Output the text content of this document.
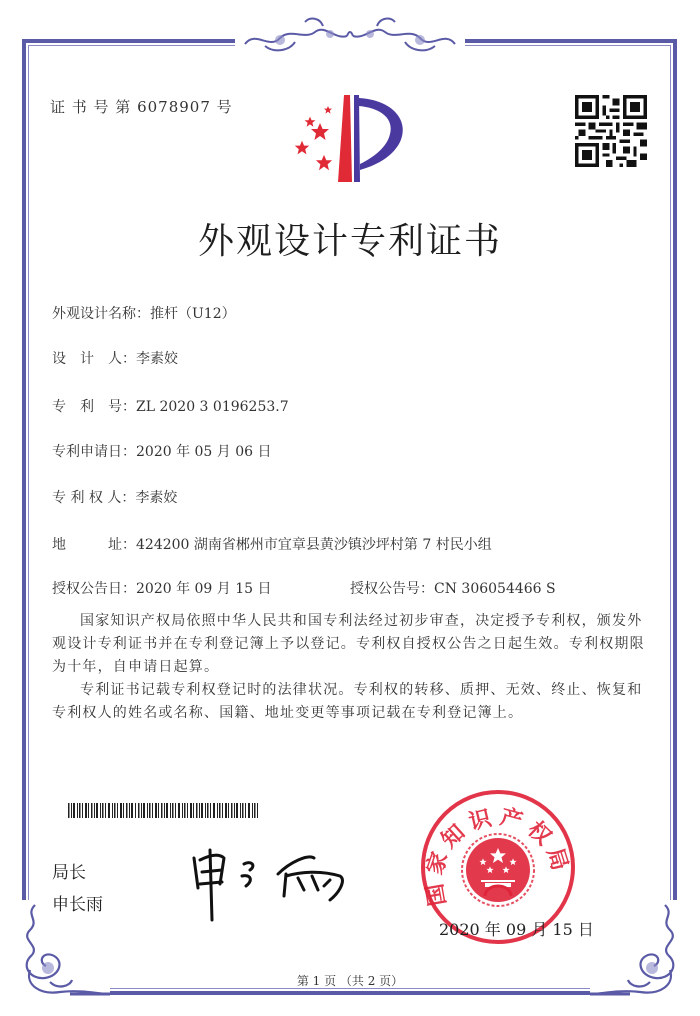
证 书 号 第 6078907 号
外观设计专利证书
外观设计名称：推杆（U12）
设　计　人：李素姣
专　利　号：ZL 2020 3 0196253.7
专利申请日：2020 年 05 月 06 日
专 利 权 人：李素姣
地　　　址：424200 湖南省郴州市宜章县黄沙镇沙坪村第 7 村民小组
授权公告日：2020 年 09 月 15 日	授权公告号：CN 306054466 S

国家知识产权局依照中华人民共和国专利法经过初步审查，决定授予专利权，颁发外观设计专利证书并在专利登记簿上予以登记。专利权自授权公告之日起生效。专利权期限为十年，自申请日起算。

专利证书记载专利权登记时的法律状况。专利权的转移、质押、无效、终止、恢复和专利权人的姓名或名称、国籍、地址变更等事项记载在专利登记簿上。

局长
申长雨	国家知识产权局
2020 年 09 月 15 日
第 1 页 （共 2 页）
